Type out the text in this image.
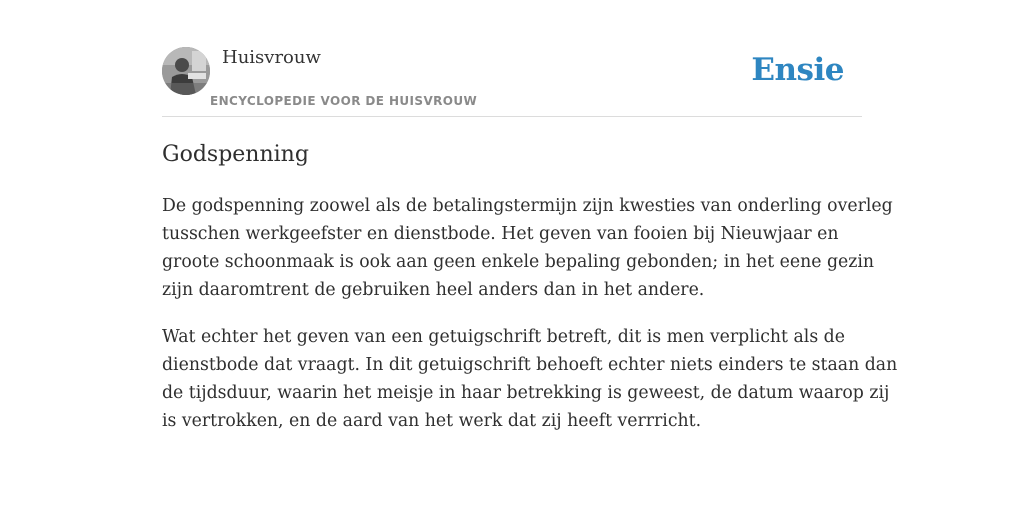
Huisvrouw
ENCYCLOPEDIE VOOR DE HUISVROUW
Ensie
Godspenning

De godspenning zoowel als de betalingstermijn zijn kwesties van onderling overleg
tusschen werkgeefster en dienstbode. Het geven van fooien bij Nieuwjaar en
groote schoonmaak is ook aan geen enkele bepaling gebonden; in het eene gezin
zijn daaromtrent de gebruiken heel anders dan in het andere.

Wat echter het geven van een getuigschrift betreft, dit is men verplicht als de
dienstbode dat vraagt. In dit getuigschrift behoeft echter niets einders te staan dan
de tijdsduur, waarin het meisje in haar betrekking is geweest, de datum waarop zij
is vertrokken, en de aard van het werk dat zij heeft verrricht.
